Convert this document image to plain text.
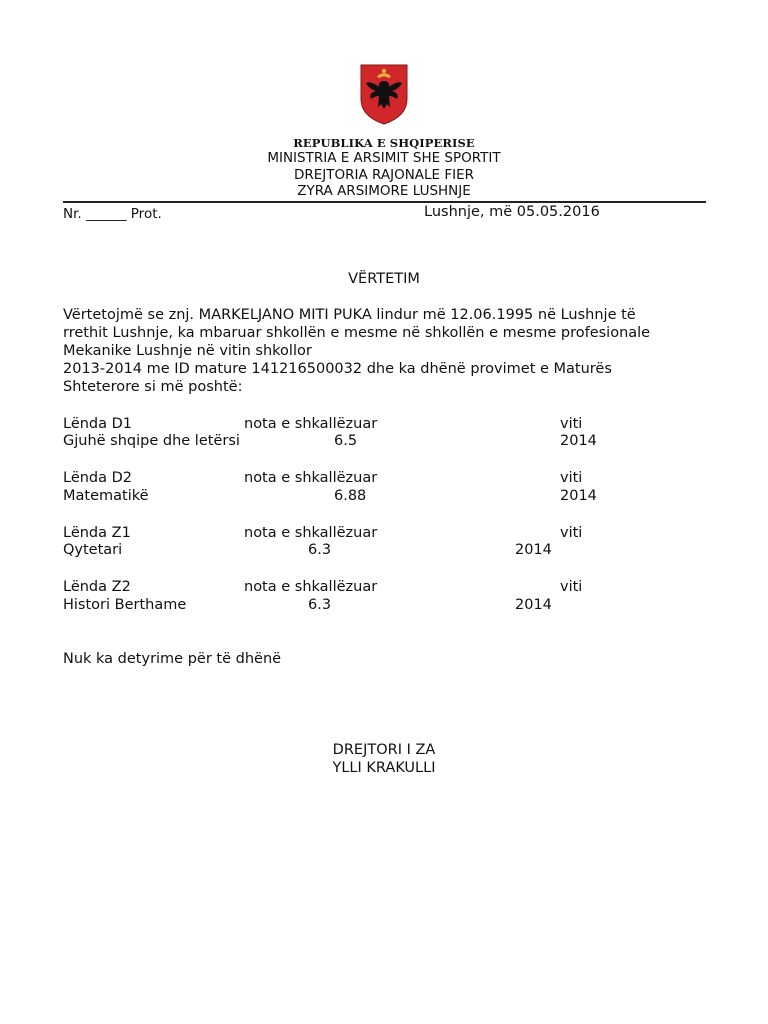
REPUBLIKA E SHQIPERISE
MINISTRIA E ARSIMIT SHE SPORTIT
DREJTORIA RAJONALE FIER
ZYRA ARSIMORE LUSHNJE
Nr. ______ Prot.	Lushnje, më 05.05.2016
VËRTETIM
Vërtetojmë se znj. MARKELJANO MITI PUKA lindur më 12.06.1995 në Lushnje të
rrethit Lushnje, ka mbaruar shkollën e mesme në shkollën e mesme profesionale
Mekanike Lushnje në vitin shkollor
2013-2014 me ID mature 141216500032 dhe ka dhënë provimet e Maturës
Shteterore si më poshtë:
Lënda D1	nota e shkallëzuar	viti
Gjuhë shqipe dhe letërsi	6.5	2014
Lënda D2	nota e shkallëzuar	viti
Matematikë	6.88	2014
Lënda Z1	nota e shkallëzuar	viti
Qytetari	6.3	2014
Lënda Z2	nota e shkallëzuar	viti
Histori Berthame	6.3	2014
Nuk ka detyrime për të dhënë
DREJTORI I ZA
YLLI KRAKULLI
